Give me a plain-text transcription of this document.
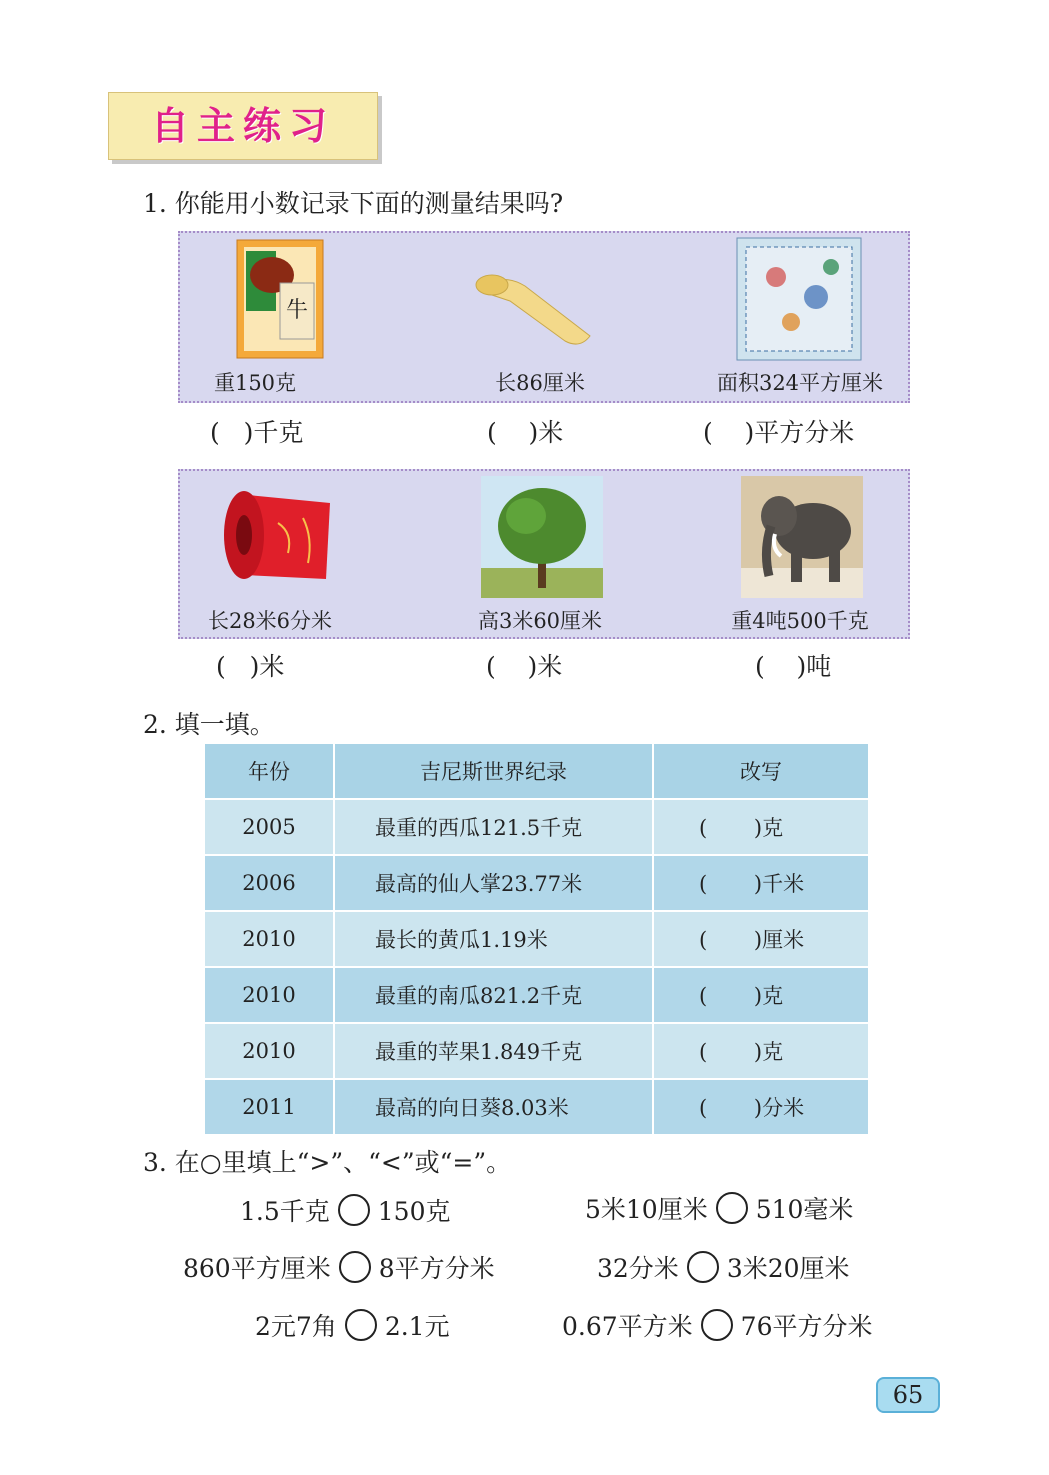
自主练习
1. 你能用小数记录下面的测量结果吗?
牛
重150克	长86厘米	面积324平方厘米
(   )千克	(    )米	(    )平方分米
长28米6分米	高3米60厘米	重4吨500千克
(   )米	(    )米	(    )吨
2. 填一填。
年份	吉尼斯世界纪录	改写
2005	最重的西瓜121.5千克	(       )克
2006	最高的仙人掌23.77米	(       )千米
2010	最长的黄瓜1.19米	(       )厘米
2010	最重的南瓜821.2千克	(       )克
2010	最重的苹果1.849千克	(       )克
2011	最高的向日葵8.03米	(       )分米
3. 在○里填上“>”、“<”或“=”。
1.5千克 150克	5米10厘米 510毫米
860平方厘米 8平方分米	32分米 3米20厘米
2元7角 2.1元	0.67平方米 76平方分米
65
